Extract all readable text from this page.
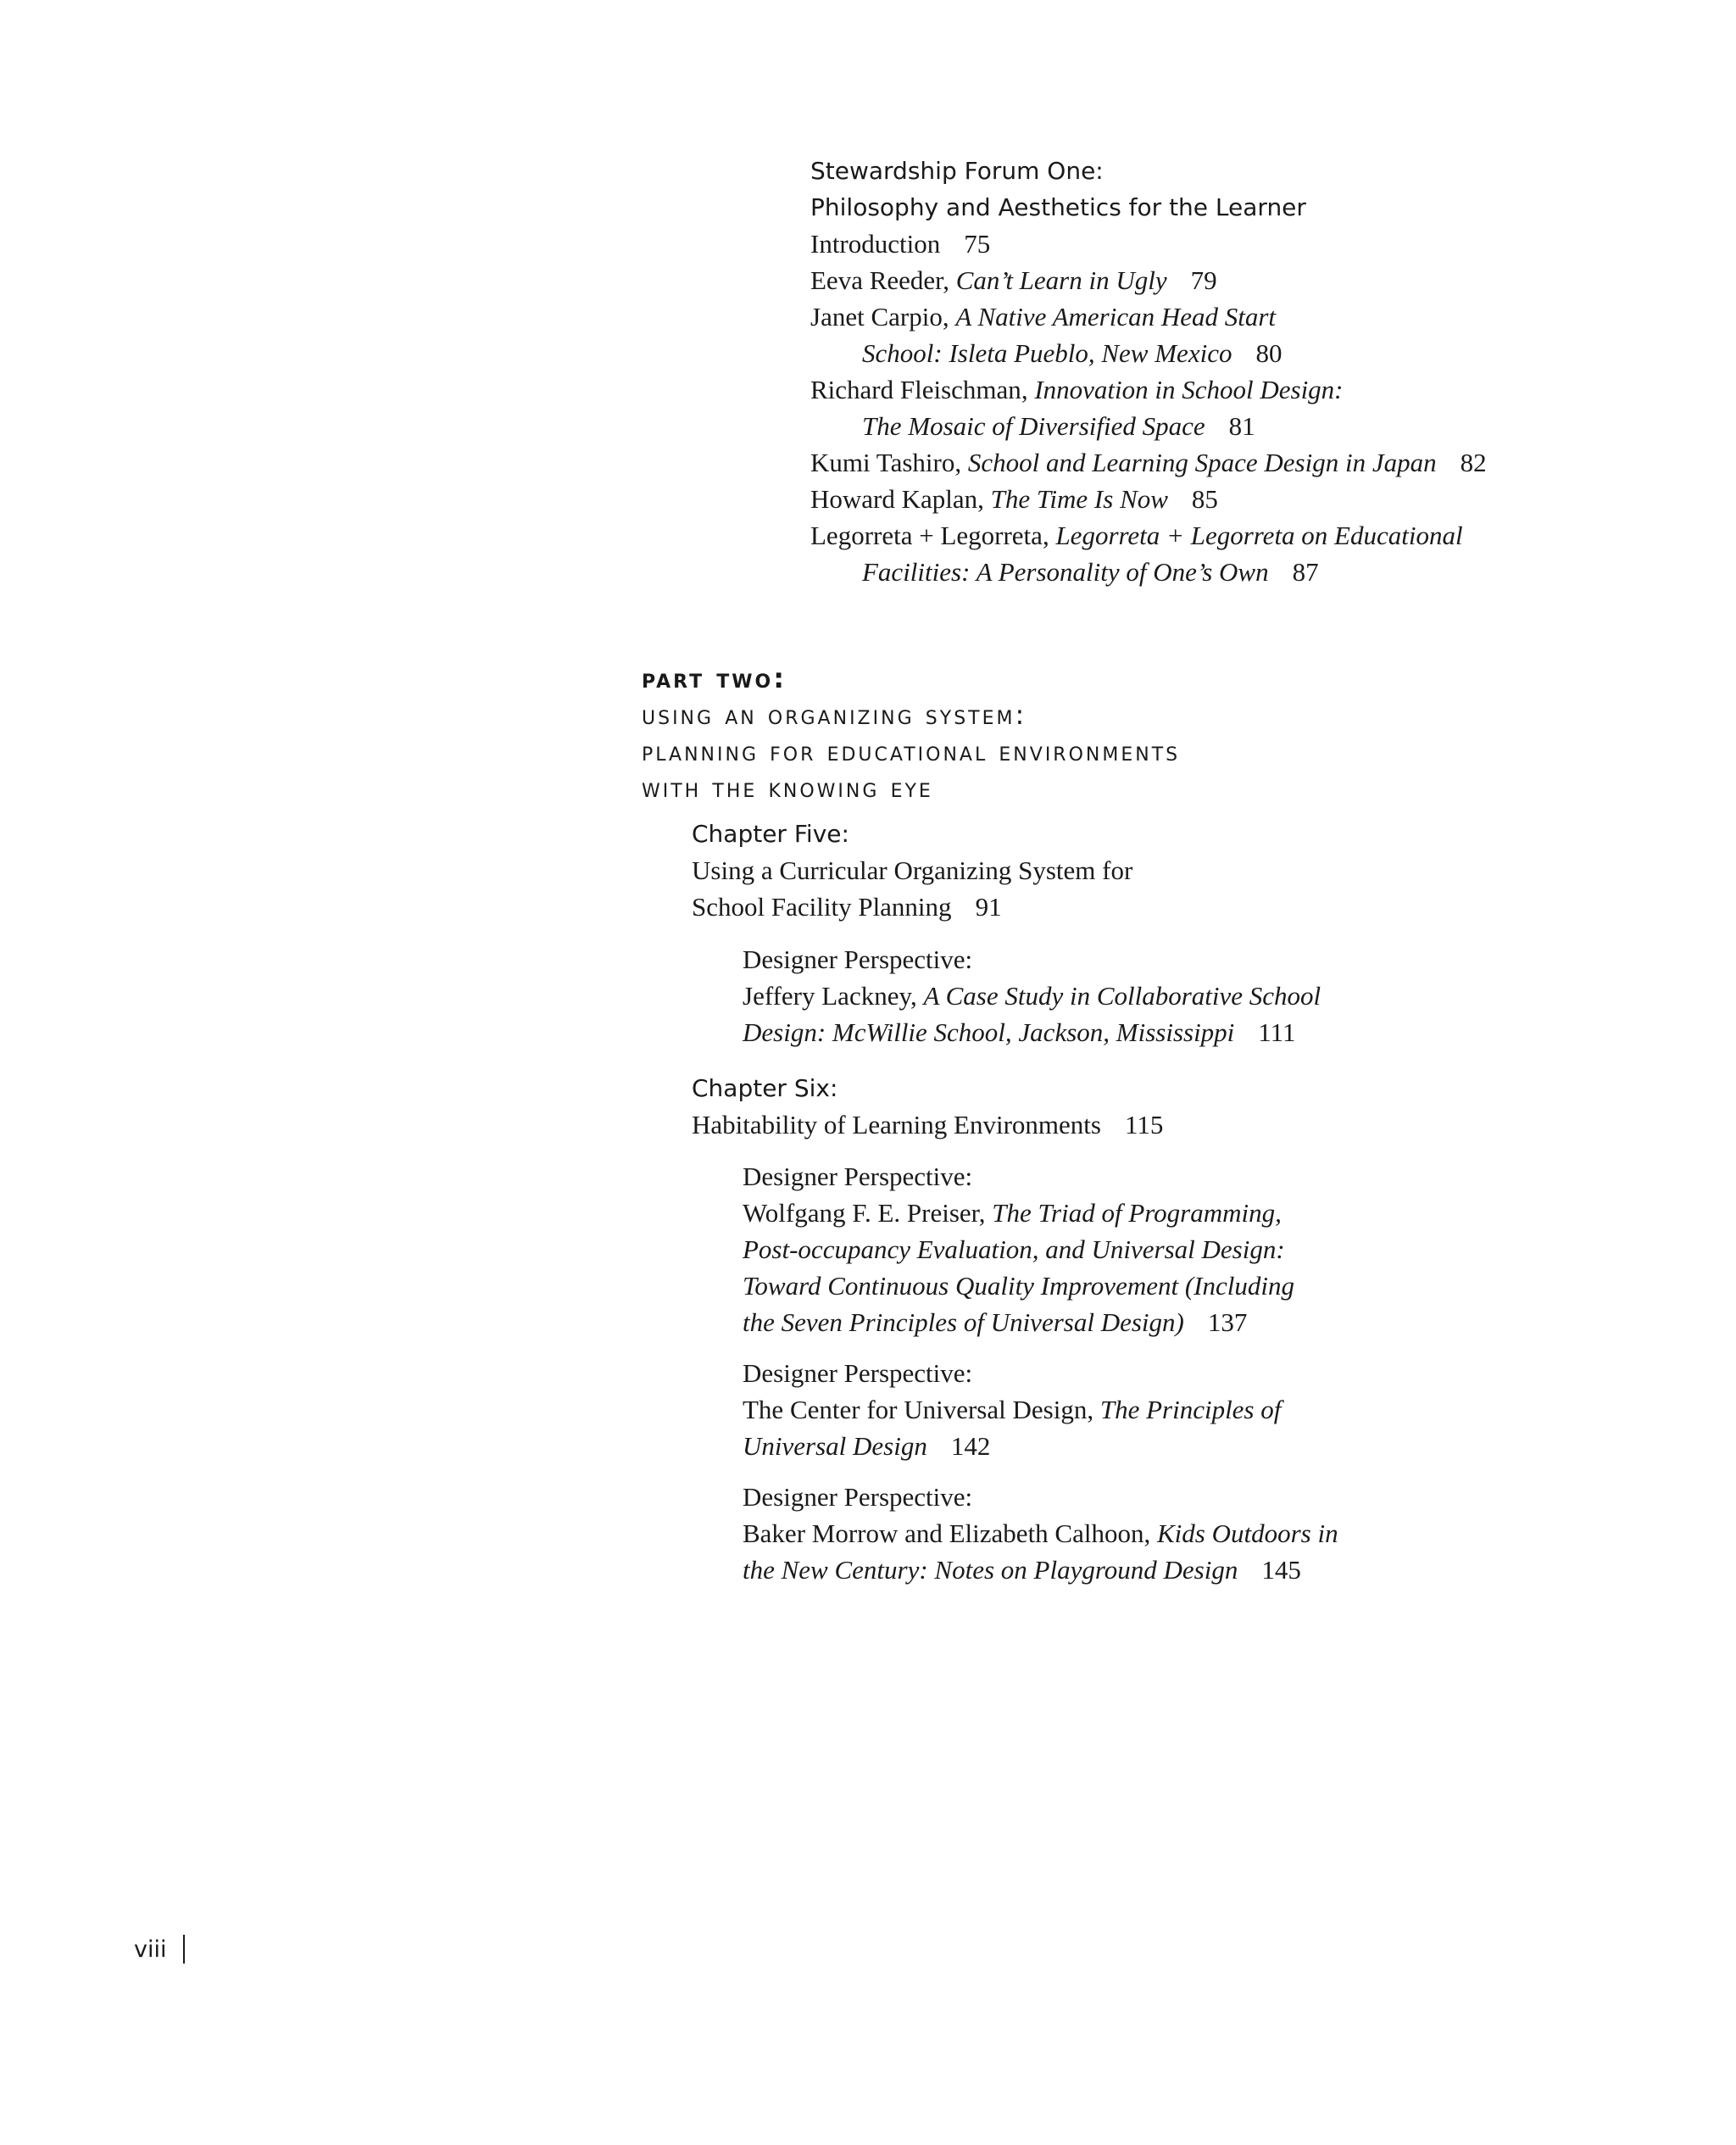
Stewardship Forum One:
Philosophy and Aesthetics for the Learner
Introduction 75
Eeva Reeder, Can’t Learn in Ugly 79
Janet Carpio, A Native American Head Start
School: Isleta Pueblo, New Mexico 80
Richard Fleischman, Innovation in School Design:
The Mosaic of Diversified Space 81
Kumi Tashiro, School and Learning Space Design in Japan 82
Howard Kaplan, The Time Is Now 85
Legorreta + Legorreta, Legorreta + Legorreta on Educational
Facilities: A Personality of One’s Own 87
part two:
using an organizing system:
planning for educational environments
with the knowing eye
Chapter Five:
Using a Curricular Organizing System for
School Facility Planning 91
Designer Perspective:
Jeffery Lackney, A Case Study in Collaborative School
Design: McWillie School, Jackson, Mississippi 111
Chapter Six:
Habitability of Learning Environments 115
Designer Perspective:
Wolfgang F. E. Preiser, The Triad of Programming,
Post-occupancy Evaluation, and Universal Design:
Toward Continuous Quality Improvement (Including
the Seven Principles of Universal Design) 137
Designer Perspective:
The Center for Universal Design, The Principles of
Universal Design 142
Designer Perspective:
Baker Morrow and Elizabeth Calhoon, Kids Outdoors in
the New Century: Notes on Playground Design 145
viii
